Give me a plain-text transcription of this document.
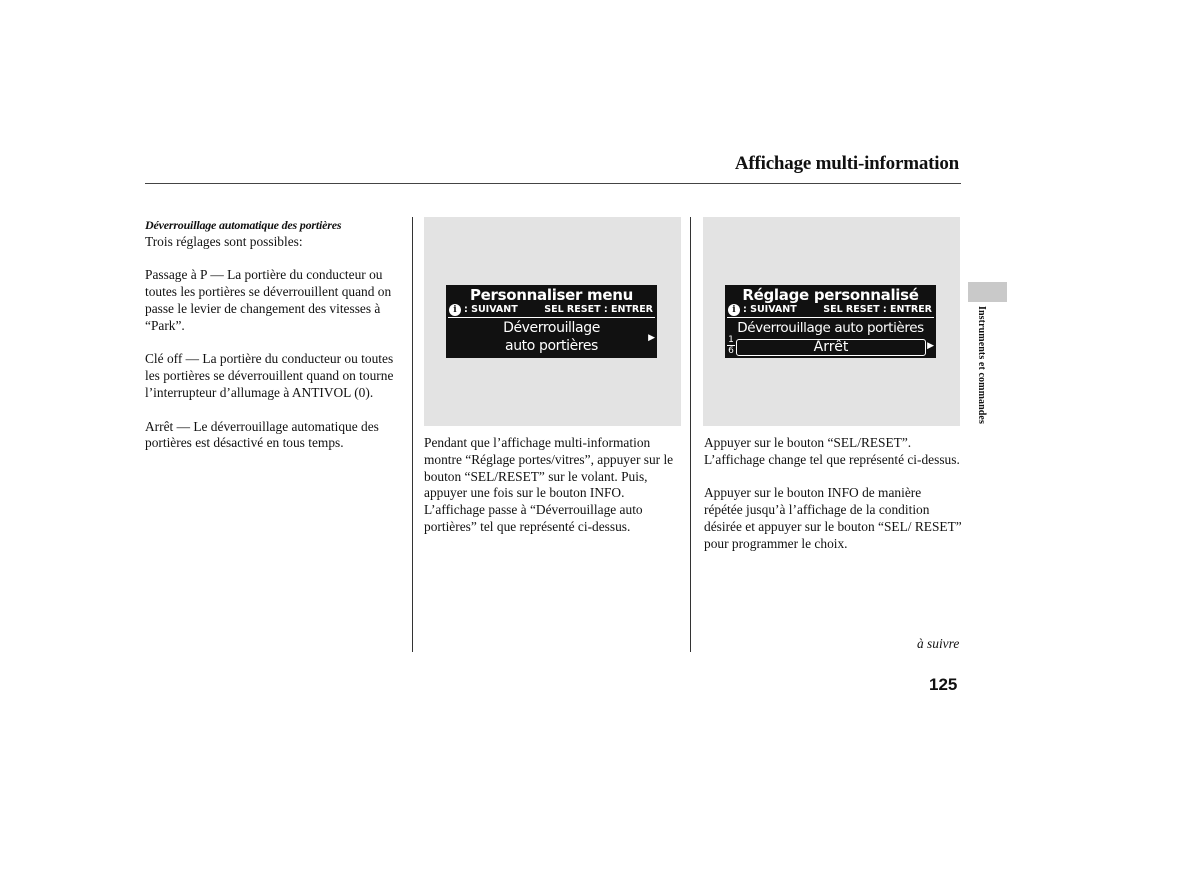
Affichage multi-information
Déverrouillage automatique des portières

Trois réglages sont possibles:

Passage à P — La portière du conducteur ou toutes les portières se déverrouillent quand on passe le levier de changement des vitesses à “Park”.

Clé off — La portière du conducteur ou toutes les portières se déverrouillent quand on tourne l’interrupteur d’allumage à ANTIVOL (0).

Arrêt — Le déverrouillage automatique des portières est désactivé en tous temps.

Personnaliser menu
i : SUIVANT	SEL RESET : ENTRER
Déverrouillage
auto portières	▶
Réglage personnalisé
i : SUIVANT	SEL RESET : ENTRER
Déverrouillage auto portières
1
6	Arrêt	▶

Pendant que l’affichage multi-information montre “Réglage portes/vitres”, appuyer sur le bouton “SEL/RESET” sur le volant. Puis, appuyer une fois sur le bouton INFO. L’affichage passe à “Déverrouillage auto portières” tel que représenté ci-dessus.

Appuyer sur le bouton “SEL/RESET”. L’affichage change tel que représenté ci-dessus.

Appuyer sur le bouton INFO de manière répétée jusqu’à l’affichage de la condition désirée et appuyer sur le bouton “SEL/ RESET” pour programmer le choix.

à suivre
125
Instruments et commandes
